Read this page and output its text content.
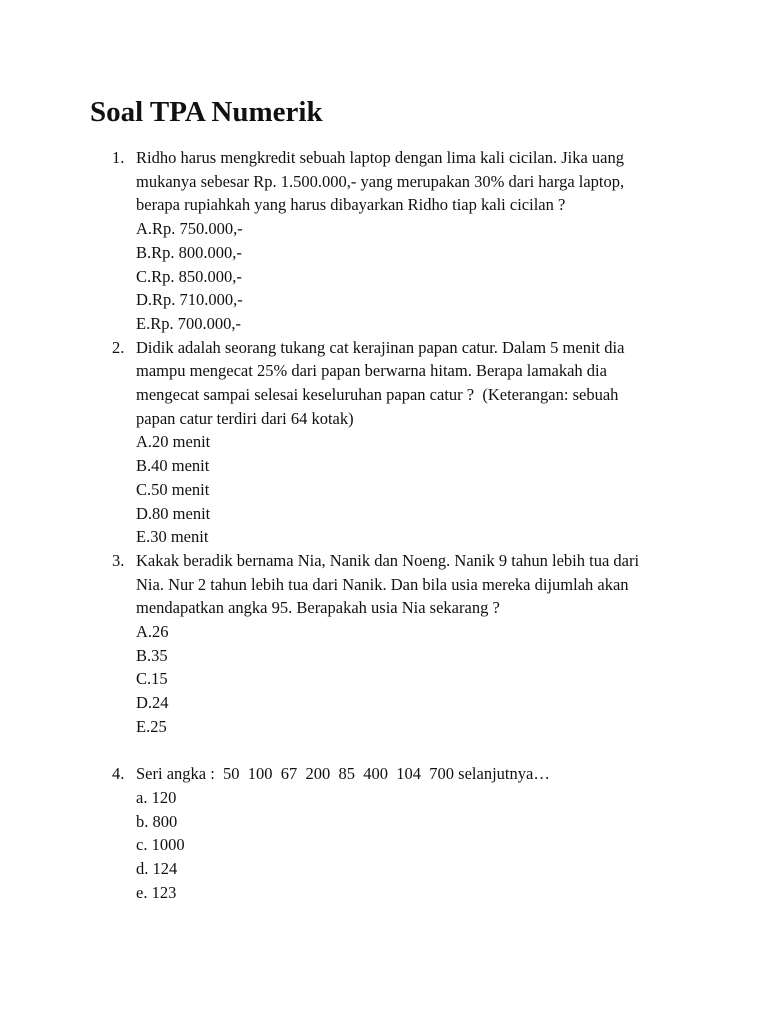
Soal TPA Numerik
1. Ridho harus mengkredit sebuah laptop dengan lima kali cicilan. Jika uang
mukanya sebesar Rp. 1.500.000,- yang merupakan 30% dari harga laptop,
berapa rupiahkah yang harus dibayarkan Ridho tiap kali cicilan ?
A.Rp. 750.000,-
B.Rp. 800.000,-
C.Rp. 850.000,-
D.Rp. 710.000,-
E.Rp. 700.000,-
2. Didik adalah seorang tukang cat kerajinan papan catur. Dalam 5 menit dia
mampu mengecat 25% dari papan berwarna hitam. Berapa lamakah dia
mengecat sampai selesai keseluruhan papan catur ?  (Keterangan: sebuah
papan catur terdiri dari 64 kotak)
A.20 menit
B.40 menit
C.50 menit
D.80 menit
E.30 menit
3. Kakak beradik bernama Nia, Nanik dan Noeng. Nanik 9 tahun lebih tua dari
Nia. Nur 2 tahun lebih tua dari Nanik. Dan bila usia mereka dijumlah akan
mendapatkan angka 95. Berapakah usia Nia sekarang ?
A.26
B.35
C.15
D.24
E.25
4. Seri angka :  50  100  67  200  85  400  104  700 selanjutnya…
a. 120
b. 800
c. 1000
d. 124
e. 123
